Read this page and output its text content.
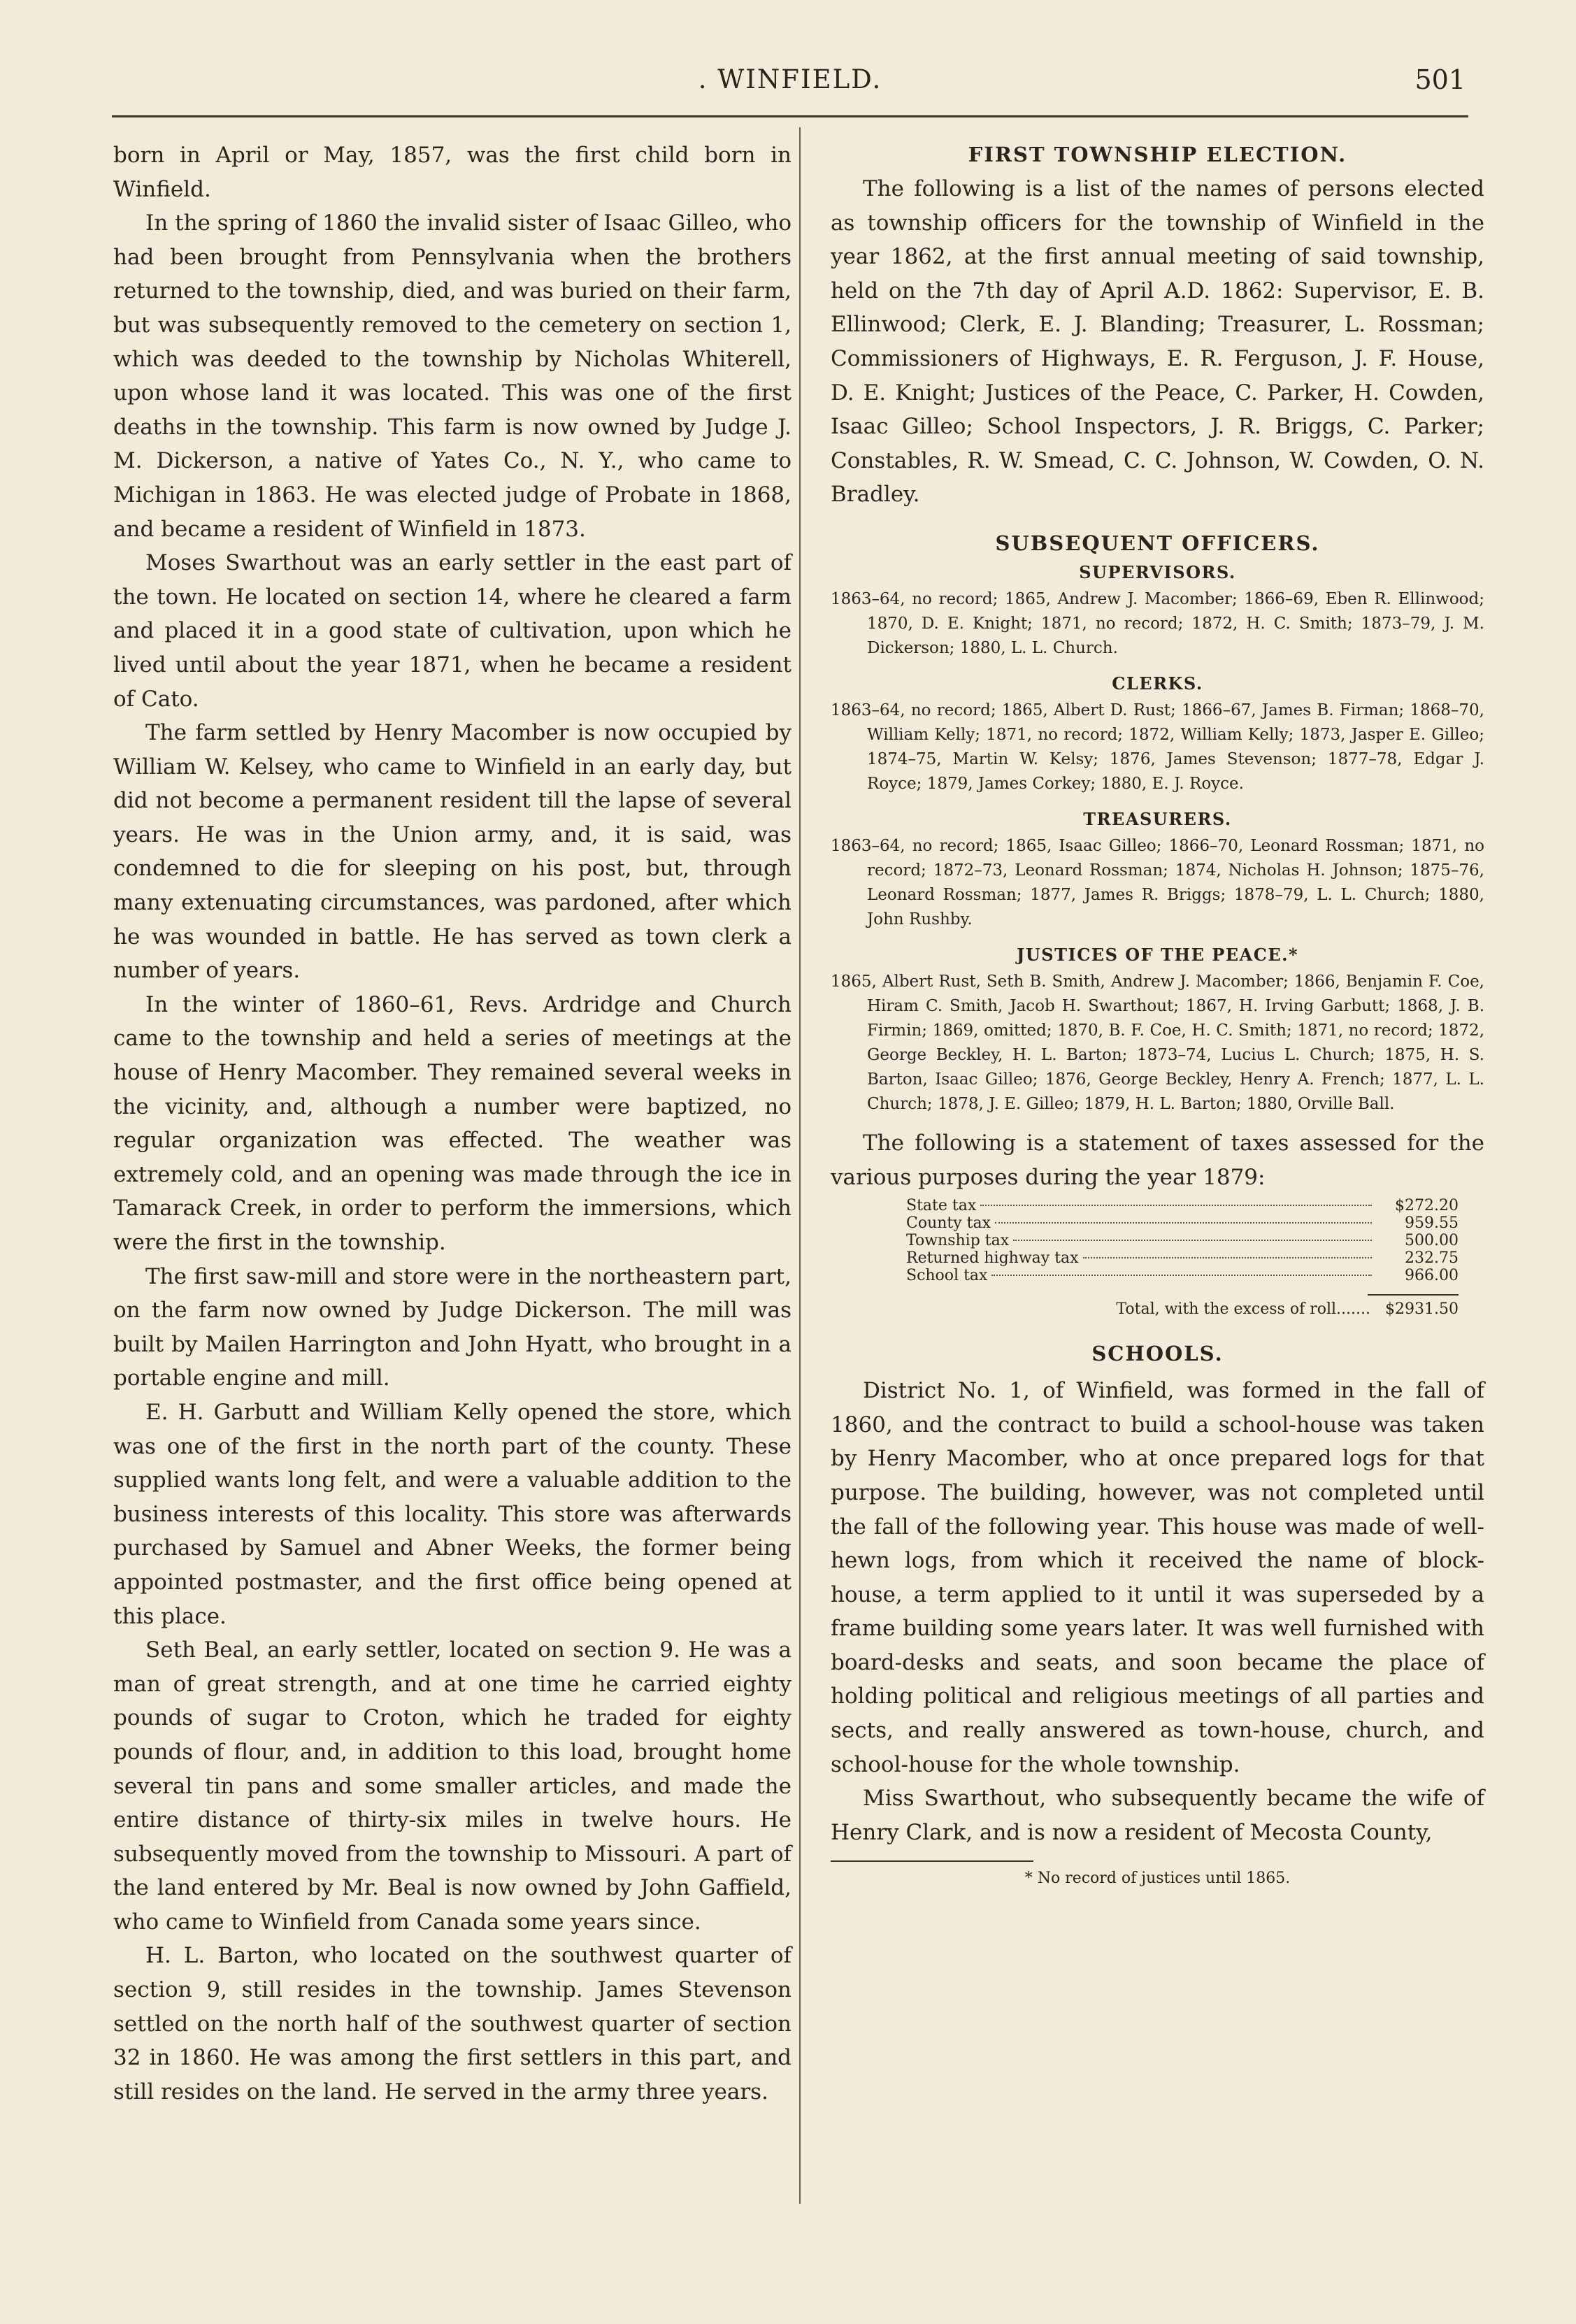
. WINFIELD.	501

born in April or May, 1857, was the first child born in Winfield.

In the spring of 1860 the invalid sister of Isaac Gilleo, who had been brought from Pennsylvania when the brothers returned to the township, died, and was buried on their farm, but was subsequently removed to the cemetery on section 1, which was deeded to the township by Nicholas Whiterell, upon whose land it was located. This was one of the first deaths in the township. This farm is now owned by Judge J. M. Dickerson, a native of Yates Co., N. Y., who came to Michigan in 1863. He was elected judge of Probate in 1868, and became a resident of Winfield in 1873.

Moses Swarthout was an early settler in the east part of the town. He located on section 14, where he cleared a farm and placed it in a good state of cultivation, upon which he lived until about the year 1871, when he became a resident of Cato.

The farm settled by Henry Macomber is now occupied by William W. Kelsey, who came to Winfield in an early day, but did not become a permanent resident till the lapse of several years. He was in the Union army, and, it is said, was condemned to die for sleeping on his post, but, through many extenuating circumstances, was pardoned, after which he was wounded in battle. He has served as town clerk a number of years.

In the winter of 1860–61, Revs. Ardridge and Church came to the township and held a series of meetings at the house of Henry Macomber. They remained several weeks in the vicinity, and, although a number were baptized, no regular organization was effected. The weather was extremely cold, and an opening was made through the ice in Tamarack Creek, in order to perform the immersions, which were the first in the township.

The first saw-mill and store were in the northeastern part, on the farm now owned by Judge Dickerson. The mill was built by Mailen Harrington and John Hyatt, who brought in a portable engine and mill.

E. H. Garbutt and William Kelly opened the store, which was one of the first in the north part of the county. These supplied wants long felt, and were a valuable addition to the business interests of this locality. This store was afterwards purchased by Samuel and Abner Weeks, the former being appointed postmaster, and the first office being opened at this place.

Seth Beal, an early settler, located on section 9. He was a man of great strength, and at one time he carried eighty pounds of sugar to Croton, which he traded for eighty pounds of flour, and, in addition to this load, brought home several tin pans and some smaller articles, and made the entire distance of thirty-six miles in twelve hours. He subsequently moved from the township to Missouri. A part of the land entered by Mr. Beal is now owned by John Gaffield, who came to Winfield from Canada some years since.

H. L. Barton, who located on the southwest quarter of section 9, still resides in the township. James Stevenson settled on the north half of the southwest quarter of section 32 in 1860. He was among the first settlers in this part, and still resides on the land. He served in the army three years.

FIRST TOWNSHIP ELECTION.

The following is a list of the names of persons elected as township officers for the township of Winfield in the year 1862, at the first annual meeting of said township, held on the 7th day of April A.D. 1862: Supervisor, E. B. Ellinwood; Clerk, E. J. Blanding; Treasurer, L. Rossman; Commissioners of Highways, E. R. Ferguson, J. F. House, D. E. Knight; Justices of the Peace, C. Parker, H. Cowden, Isaac Gilleo; School Inspectors, J. R. Briggs, C. Parker; Constables, R. W. Smead, C. C. Johnson, W. Cowden, O. N. Bradley.

SUBSEQUENT OFFICERS.
SUPERVISORS.

1863–64, no record; 1865, Andrew J. Macomber; 1866–69, Eben R. Ellinwood; 1870, D. E. Knight; 1871, no record; 1872, H. C. Smith; 1873–79, J. M. Dickerson; 1880, L. L. Church.

CLERKS.

1863–64, no record; 1865, Albert D. Rust; 1866–67, James B. Firman; 1868–70, William Kelly; 1871, no record; 1872, William Kelly; 1873, Jasper E. Gilleo; 1874–75, Martin W. Kelsy; 1876, James Stevenson; 1877–78, Edgar J. Royce; 1879, James Corkey; 1880, E. J. Royce.

TREASURERS.

1863–64, no record; 1865, Isaac Gilleo; 1866–70, Leonard Rossman; 1871, no record; 1872–73, Leonard Rossman; 1874, Nicholas H. Johnson; 1875–76, Leonard Rossman; 1877, James R. Briggs; 1878–79, L. L. Church; 1880, John Rushby.

JUSTICES OF THE PEACE.*

1865, Albert Rust, Seth B. Smith, Andrew J. Macomber; 1866, Benjamin F. Coe, Hiram C. Smith, Jacob H. Swarthout; 1867, H. Irving Garbutt; 1868, J. B. Firmin; 1869, omitted; 1870, B. F. Coe, H. C. Smith; 1871, no record; 1872, George Beckley, H. L. Barton; 1873–74, Lucius L. Church; 1875, H. S. Barton, Isaac Gilleo; 1876, George Beckley, Henry A. French; 1877, L. L. Church; 1878, J. E. Gilleo; 1879, H. L. Barton; 1880, Orville Ball.

The following is a statement of taxes assessed for the various purposes during the year 1879:

State tax	$272.20
County tax	959.55
Township tax	500.00
Returned highway tax	232.75
School tax	966.00
Total, with the excess of roll....... $2931.50
SCHOOLS.

District No. 1, of Winfield, was formed in the fall of 1860, and the contract to build a school-house was taken by Henry Macomber, who at once prepared logs for that purpose. The building, however, was not completed until the fall of the following year. This house was made of well-hewn logs, from which it received the name of block-house, a term applied to it until it was superseded by a frame building some years later. It was well furnished with board-desks and seats, and soon became the place of holding political and religious meetings of all parties and sects, and really answered as town-house, church, and school-house for the whole township.

Miss Swarthout, who subsequently became the wife of Henry Clark, and is now a resident of Mecosta County,

* No record of justices until 1865.
